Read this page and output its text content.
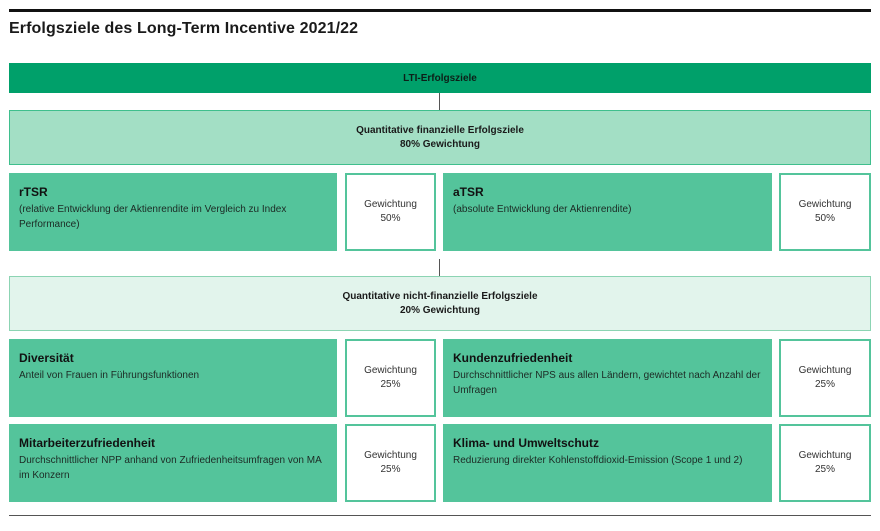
Erfolgsziele des Long-Term Incentive 2021/22
LTI-Erfolgsziele
Quantitative finanzielle Erfolgsziele
80% Gewichtung
rTSR
(relative Entwicklung der Aktienrendite im Vergleich zu Index Performance)
Gewichtung
50%
aTSR
(absolute Entwicklung der Aktienrendite)	Gewichtung
50%
Quantitative nicht-finanzielle Erfolgsziele
20% Gewichtung
Diversität
Anteil von Frauen in Führungsfunktionen	Gewichtung
25%
Kundenzufriedenheit
Durchschnittlicher NPS aus allen Ländern, gewichtet nach Anzahl der Umfragen
Gewichtung
25%
Mitarbeiterzufriedenheit
Durchschnittlicher NPP anhand von Zufriedenheitsumfragen von MA im Konzern
Gewichtung
25%
Klima- und Umweltschutz
Reduzierung direkter Kohlenstoffdioxid-Emission (Scope 1 und 2)	Gewichtung
25%
